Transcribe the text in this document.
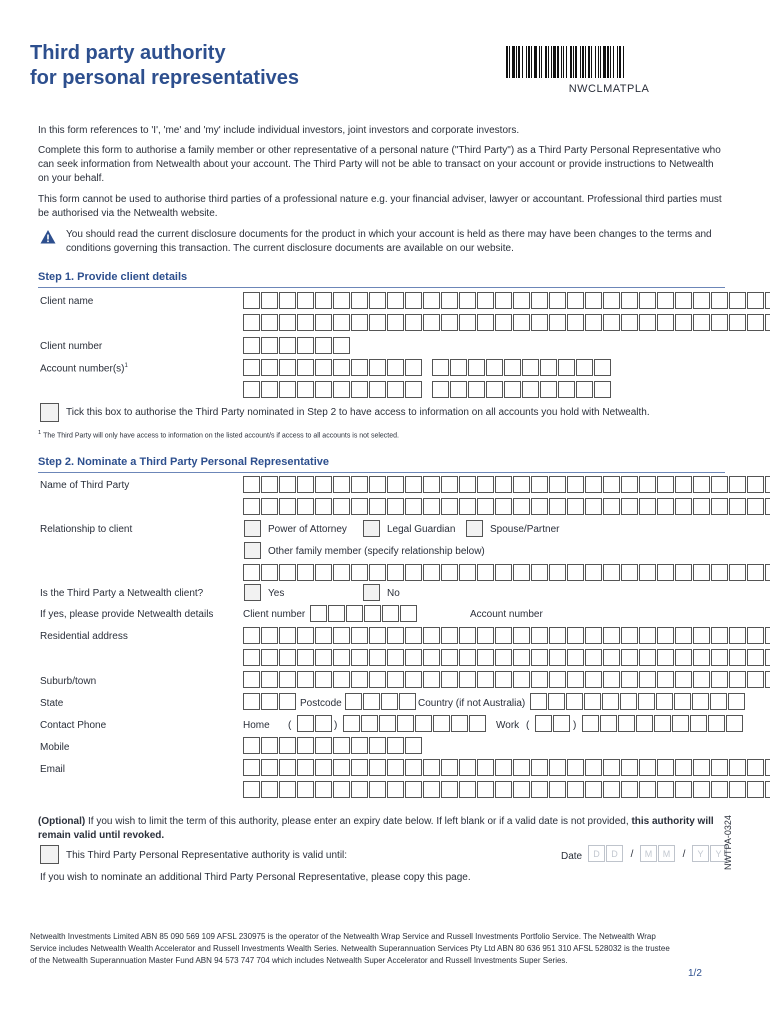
Third party authority
for personal representatives	NWCLMATPLA
In this form references to 'I', 'me' and 'my' include individual investors, joint investors and corporate investors.
Complete this form to authorise a family member or other representative of a personal nature ("Third Party") as a Third Party Personal Representative who can seek information from Netwealth about your account. The Third Party will not be able to transact on your account or provide instructions to Netwealth on your behalf.
This form cannot be used to authorise third parties of a professional nature e.g. your financial adviser, lawyer or accountant. Professional third parties must be authorised via the Netwealth website.
You should read the current disclosure documents for the product in which your account is held as there may have been changes to the terms and conditions governing this transaction. The current disclosure documents are available on our website.
Step 1. Provide client details
Client name
Client number
Account $number(s)^1$
Tick this box to authorise the Third Party nominated in Step 2 to have access to information on all accounts you hold with Netwealth.
$^1$ The Third Party will only have access to information on the listed account/s if access to all accounts is not selected.
Step 2. Nominate a Third Party Personal Representative
Name of Third Party
Relationship to client	Power of Attorney	Legal Guardian	Spouse/Partner
Other family member (specify relationship below)
Is the Third Party a Netwealth client?	Yes	No
If yes, please provide Netwealth details	Client number	Account number
Residential address
Suburb/town
State	Postcode	Country (if not Australia)
Contact Phone	Home (	)	Work (	)
Mobile
Email
(Optional) If you wish to limit the term of this authority, please enter an expiry date below. If left blank or if a valid date is not provided, this authority will remain valid until revoked.
This Third Party Personal Representative authority is valid until:	Date	D	D	/	M	M	/	Y	Y
If you wish to nominate an additional Third Party Personal Representative, please copy this page.
NWTPA-0324
Netwealth Investments Limited ABN 85 090 569 109 AFSL 230975 is the operator of the Netwealth Wrap Service and Russell Investments Portfolio Service. The Netwealth Wrap
Service includes Netwealth Wealth Accelerator and Russell Investments Wealth Series. Netwealth Superannuation Services Pty Ltd ABN 80 636 951 310 AFSL 528032 is the trustee
of the Netwealth Superannuation Master Fund ABN 94 573 747 704 which includes Netwealth Super Accelerator and Russell Investments Super Series.
1/2
